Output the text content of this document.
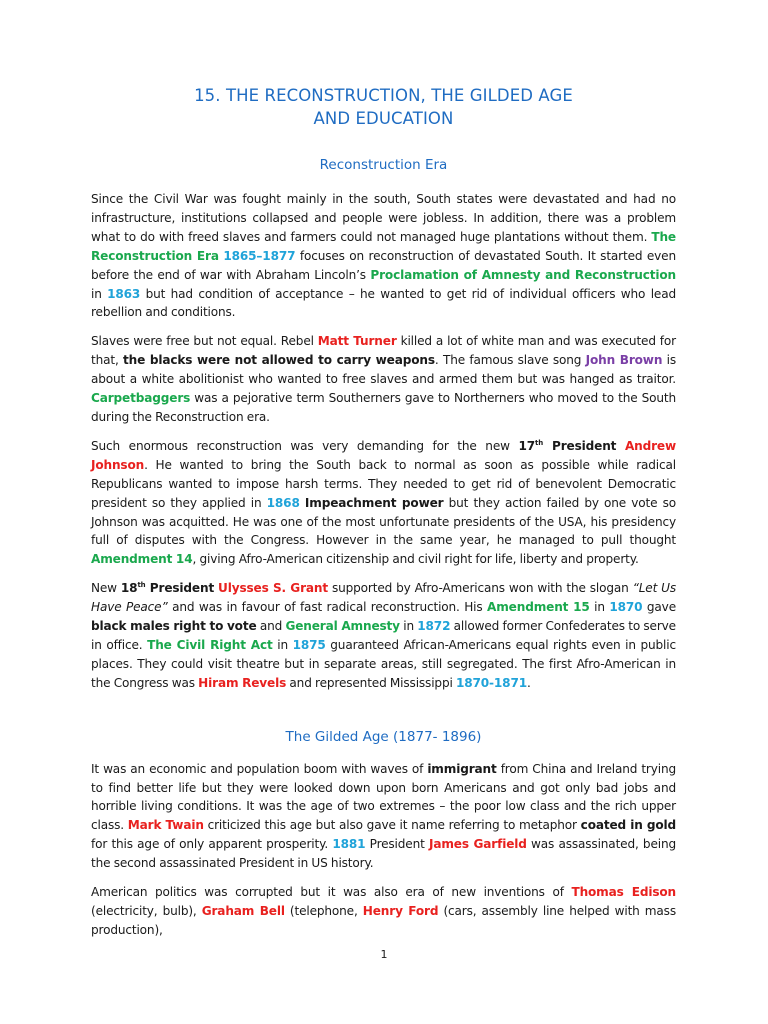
15. THE RECONSTRUCTION, THE GILDED AGE
AND EDUCATION
Reconstruction Era

Since the Civil War was fought mainly in the south, South states were devastated and had no infrastructure, institutions collapsed and people were jobless. In addition, there was a problem what to do with freed slaves and farmers could not managed huge plantations without them. The Reconstruction Era 1865–1877 focuses on reconstruction of devastated South. It started even before the end of war with Abraham Lincoln’s Proclamation of Amnesty and Reconstruction in 1863 but had condition of acceptance – he wanted to get rid of individual officers who lead rebellion and conditions.

Slaves were free but not equal. Rebel Matt Turner killed a lot of white man and was executed for that, the blacks were not allowed to carry weapons. The famous slave song John Brown is about a white abolitionist who wanted to free slaves and armed them but was hanged as traitor. Carpetbaggers was a pejorative term Southerners gave to Northerners who moved to the South during the Reconstruction era.

Such enormous reconstruction was very demanding for the new 17th President Andrew Johnson. He wanted to bring the South back to normal as soon as possible while radical Republicans wanted to impose harsh terms. They needed to get rid of benevolent Democratic president so they applied in 1868 Impeachment power but they action failed by one vote so Johnson was acquitted. He was one of the most unfortunate presidents of the USA, his presidency full of disputes with the Congress. However in the same year, he managed to pull thought Amendment 14, giving Afro-American citizenship and civil right for life, liberty and property.

New 18th President Ulysses S. Grant supported by Afro-Americans won with the slogan “Let Us Have Peace” and was in favour of fast radical reconstruction. His Amendment 15 in 1870 gave black males right to vote and General Amnesty in 1872 allowed former Confederates to serve in office. The Civil Right Act in 1875 guaranteed African-Americans equal rights even in public places. They could visit theatre but in separate areas, still segregated. The first Afro-American in the Congress was Hiram Revels and represented Mississippi 1870-1871.

The Gilded Age (1877- 1896)

It was an economic and population boom with waves of immigrant from China and Ireland trying to find better life but they were looked down upon born Americans and got only bad jobs and horrible living conditions. It was the age of two extremes – the poor low class and the rich upper class. Mark Twain criticized this age but also gave it name referring to metaphor coated in gold for this age of only apparent prosperity. 1881 President James Garfield was assassinated, being the second assassinated President in US history.

American politics was corrupted but it was also era of new inventions of Thomas Edison (electricity, bulb), Graham Bell (telephone, Henry Ford (cars, assembly line helped with mass production),

1
